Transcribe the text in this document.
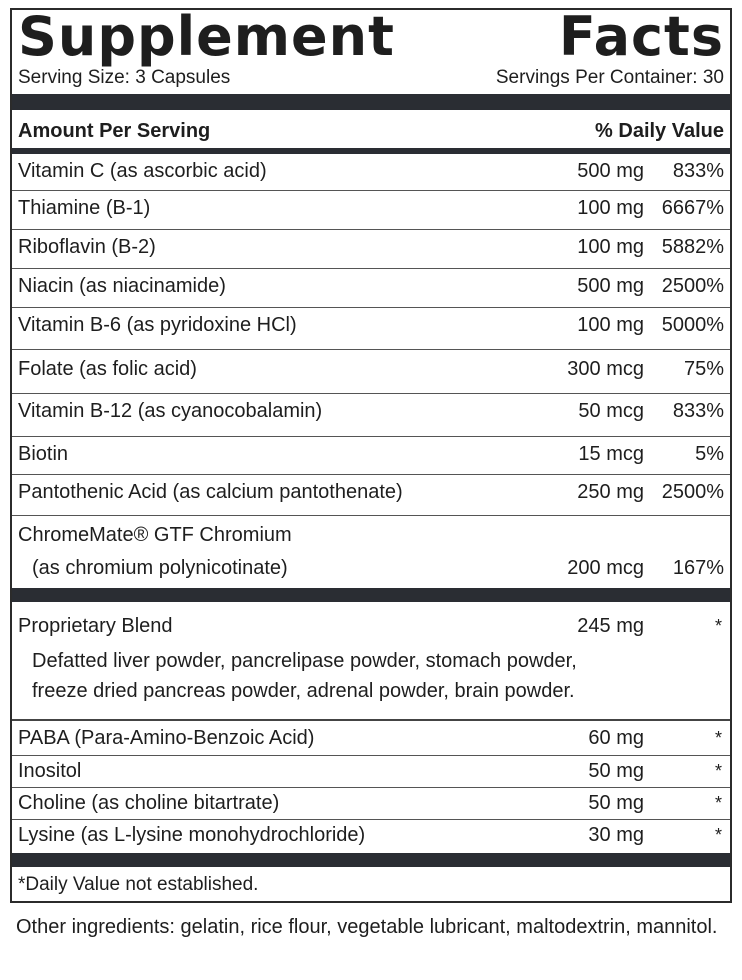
Supplement	Facts
Serving Size: 3 Capsules	Servings Per Container: 30
Amount Per Serving	% Daily Value
Vitamin C (as ascorbic acid)	500 mg 833%
Thiamine (B-1)	100 mg 6667%
Riboflavin (B-2)	100 mg 5882%
Niacin (as niacinamide)	500 mg 2500%
Vitamin B-6 (as pyridoxine HCl)	100 mg 5000%
Folate (as folic acid)	300 mcg 75%
Vitamin B-12 (as cyanocobalamin)	50 mcg 833%
Biotin	15 mcg	5%
Pantothenic Acid (as calcium pantothenate)	250 mg 2500%
ChromeMate® GTF Chromium
(as chromium polynicotinate)	200 mcg 167%
Proprietary Blend	245 mg	*
Defatted liver powder, pancrelipase powder, stomach powder,
freeze dried pancreas powder, adrenal powder, brain powder.
PABA (Para-Amino-Benzoic Acid)	60 mg	*
Inositol	50 mg	*
Choline (as choline bitartrate)	50 mg	*
Lysine (as L-lysine monohydrochloride)	30 mg	*
*Daily Value not established.
Other ingredients: gelatin, rice flour, vegetable lubricant, maltodextrin, mannitol.
